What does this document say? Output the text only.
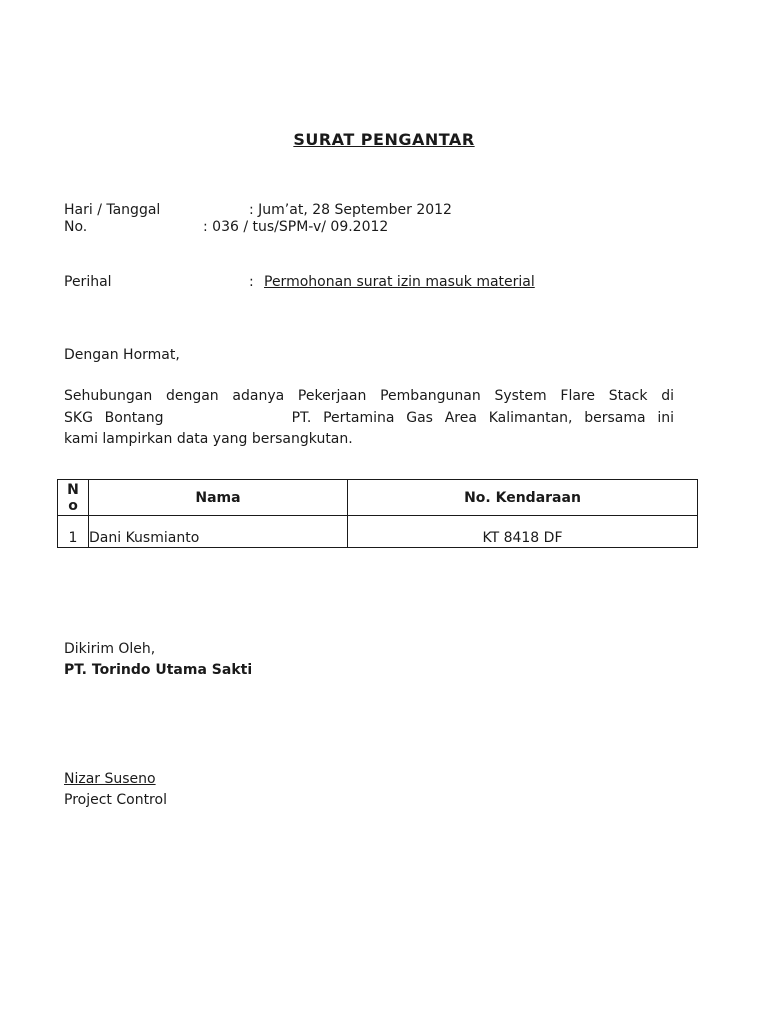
SURAT PENGANTAR
Hari / Tanggal	: Jum’at, 28 September 2012
No.	: 036 / tus/SPM-v/ 09.2012
Perihal	: Permohonan surat izin masuk material
Dengan Hormat,
Sehubungan dengan adanya Pekerjaan Pembangunan System Flare Stack di
SKG Bontang	PT. Pertamina Gas Area Kalimantan, bersama ini
kami lampirkan data yang bersangkutan.
N
o	Nama	No. Kendaraan
1	Dani Kusmianto	KT 8418 DF
Dikirim Oleh,
PT. Torindo Utama Sakti
Nizar Suseno
Project Control
